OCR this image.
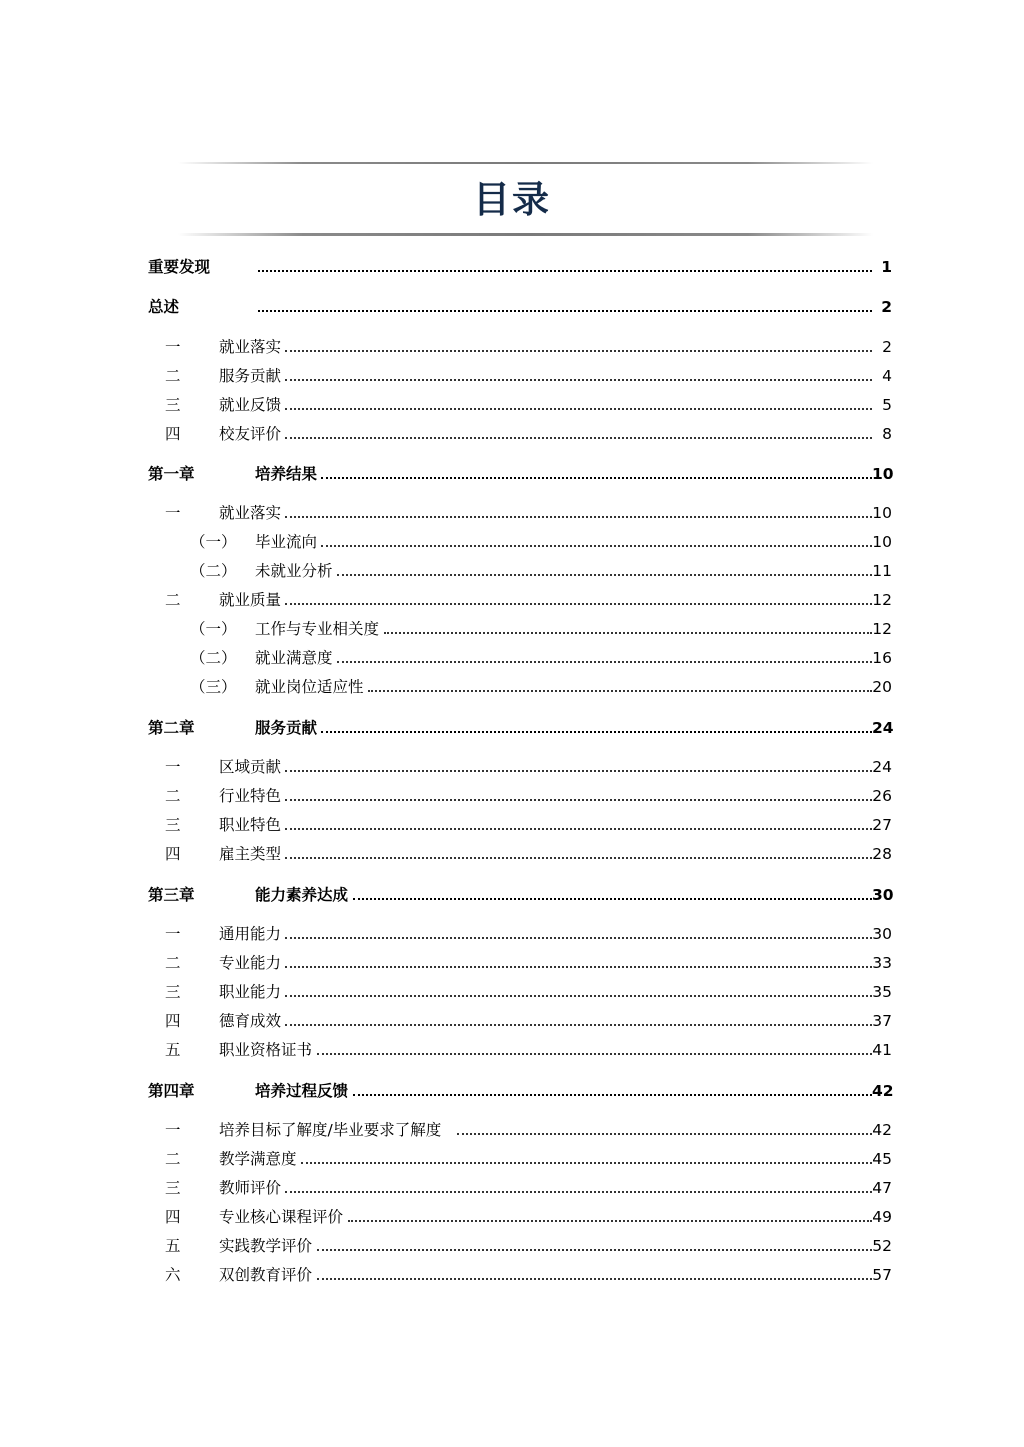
目录
重要发现	1
总述	2
一 就业落实	2
二 服务贡献	4
三 就业反馈	5
四 校友评价	8
第一章	培养结果	10
一 就业落实	10
（一） 毕业流向	10
（二） 未就业分析	11
二 就业质量	12
（一） 工作与专业相关度	12
（二） 就业满意度	16
（三） 就业岗位适应性	20
第二章	服务贡献	24
一 区域贡献	24
二 行业特色	26
三 职业特色	27
四 雇主类型	28
第三章	能力素养达成	30
一 通用能力	30
二 专业能力	33
三 职业能力	35
四 德育成效	37
五 职业资格证书	41
第四章	培养过程反馈	42
一 培养目标了解度/毕业要求了解度	42
二 教学满意度	45
三 教师评价	47
四 专业核心课程评价	49
五 实践教学评价	52
六 双创教育评价	57
